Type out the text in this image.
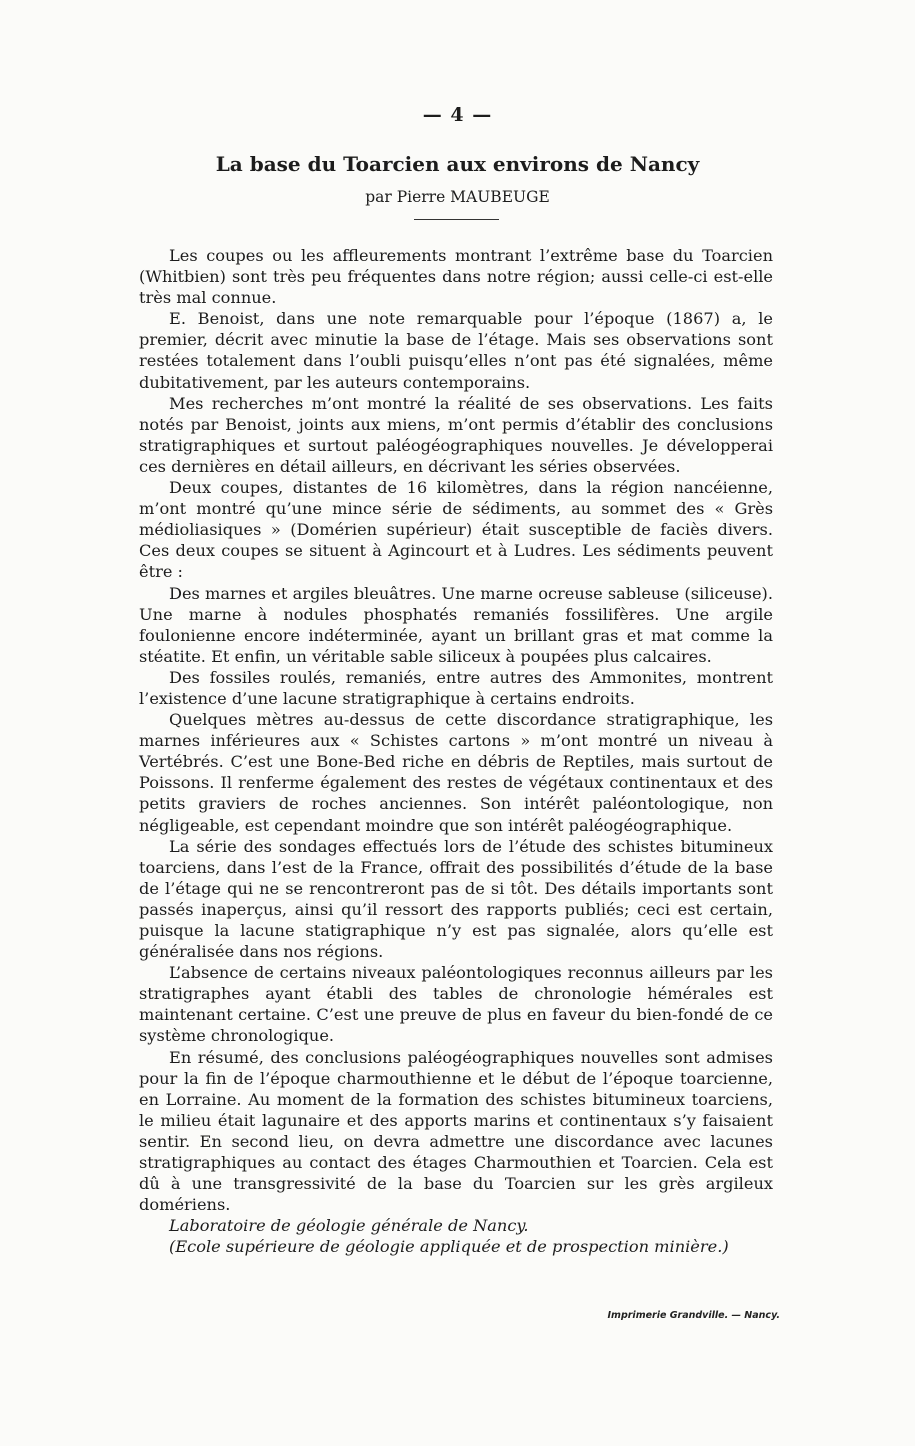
— 4 —
La base du Toarcien aux environs de Nancy
par Pierre MAUBEUGE

Les coupes ou les affleurements montrant l’extrême base du Toarcien (Whitbien) sont très peu fréquentes dans notre région; aussi celle-ci est-elle très mal connue.

E. Benoist, dans une note remarquable pour l’époque (1867) a, le premier, décrit avec minutie la base de l’étage. Mais ses observations sont restées totalement dans l’oubli puisqu’elles n’ont pas été signalées, même dubitativement, par les auteurs contemporains.

Mes recherches m’ont montré la réalité de ses observations. Les faits notés par Benoist, joints aux miens, m’ont permis d’établir des conclusions stratigraphiques et surtout paléogéographiques nouvelles. Je développerai ces dernières en détail ailleurs, en décrivant les séries observées.

Deux coupes, distantes de 16 kilomètres, dans la région nancéienne, m’ont montré qu’une mince série de sédiments, au sommet des « Grès médioliasiques » (Domérien supérieur) était susceptible de faciès divers. Ces deux coupes se situent à Agincourt et à Ludres. Les sédiments peuvent être :

Des marnes et argiles bleuâtres. Une marne ocreuse sableuse (siliceuse). Une marne à nodules phosphatés remaniés fossilifères. Une argile foulonienne encore indéterminée, ayant un brillant gras et mat comme la stéatite. Et enfin, un véritable sable siliceux à poupées plus calcaires.

Des fossiles roulés, remaniés, entre autres des Ammonites, montrent l’existence d’une lacune stratigraphique à certains endroits.

Quelques mètres au-dessus de cette discordance stratigraphique, les marnes inférieures aux « Schistes cartons » m’ont montré un niveau à Vertébrés. C’est une Bone-Bed riche en débris de Reptiles, mais surtout de Poissons. Il renferme également des restes de végétaux continentaux et des petits graviers de roches anciennes. Son intérêt paléontologique, non négligeable, est cependant moindre que son intérêt paléogéographique.

La série des sondages effectués lors de l’étude des schistes bitumineux toarciens, dans l’est de la France, offrait des possibilités d’étude de la base de l’étage qui ne se rencontreront pas de si tôt. Des détails importants sont passés inaperçus, ainsi qu’il ressort des rapports publiés; ceci est certain, puisque la lacune statigraphique n’y est pas signalée, alors qu’elle est généralisée dans nos régions.

L’absence de certains niveaux paléontologiques reconnus ailleurs par les stratigraphes ayant établi des tables de chronologie hémérales est maintenant certaine. C’est une preuve de plus en faveur du bien-fondé de ce système chronologique.

En résumé, des conclusions paléogéographiques nouvelles sont admises pour la fin de l’époque charmouthienne et le début de l’époque toarcienne, en Lorraine. Au moment de la formation des schistes bitumineux toarciens, le milieu était lagunaire et des apports marins et continentaux s’y faisaient sentir. En second lieu, on devra admettre une discordance avec lacunes stratigraphiques au contact des étages Charmouthien et Toarcien. Cela est dû à une transgressivité de la base du Toarcien sur les grès argileux domériens.

Laboratoire de géologie générale de Nancy.

(Ecole supérieure de géologie appliquée et de prospection minière.)

Imprimerie Grandville. — Nancy.
